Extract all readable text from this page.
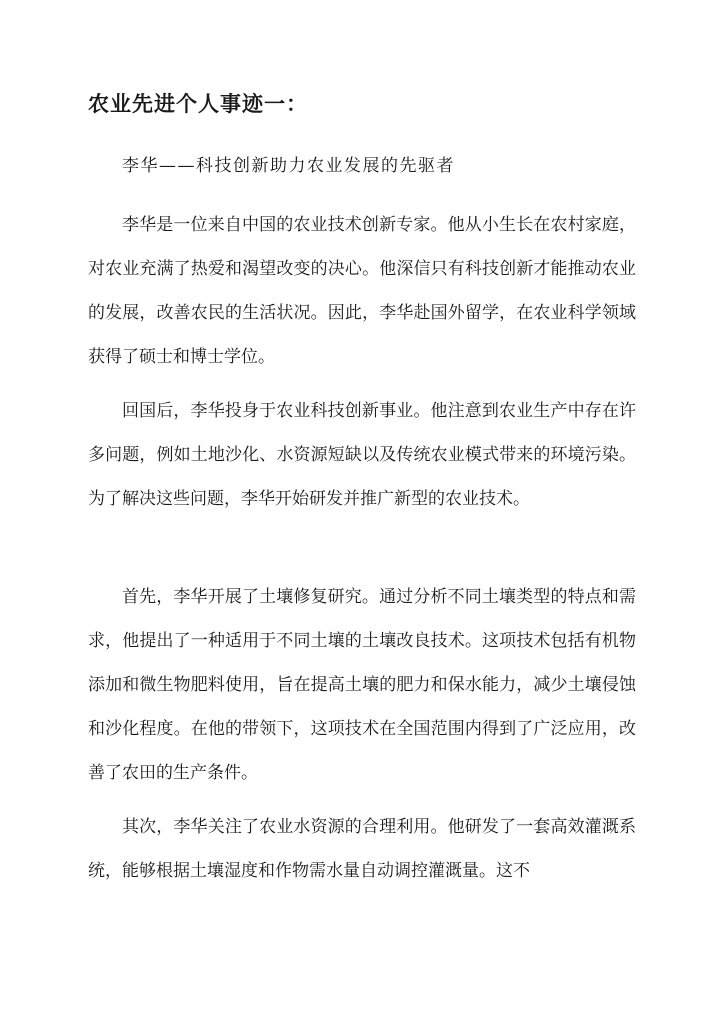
农业先进个人事迹一：
李华——科技创新助力农业发展的先驱者

李华是一位来自中国的农业技术创新专家。他从小生长在农村家庭，对农业充满了热爱和渴望改变的决心。他深信只有科技创新才能推动农业的发展，改善农民的生活状况。因此，李华赴国外留学，在农业科学领域获得了硕士和博士学位。

回国后，李华投身于农业科技创新事业。他注意到农业生产中存在许多问题，例如土地沙化、水资源短缺以及传统农业模式带来的环境污染。为了解决这些问题，李华开始研发并推广新型的农业技术。

首先，李华开展了土壤修复研究。通过分析不同土壤类型的特点和需求，他提出了一种适用于不同土壤的土壤改良技术。这项技术包括有机物添加和微生物肥料使用，旨在提高土壤的肥力和保水能力，减少土壤侵蚀和沙化程度。在他的带领下，这项技术在全国范围内得到了广泛应用，改善了农田的生产条件。

其次，李华关注了农业水资源的合理利用。他研发了一套高效灌溉系统，能够根据土壤湿度和作物需水量自动调控灌溉量。这不
